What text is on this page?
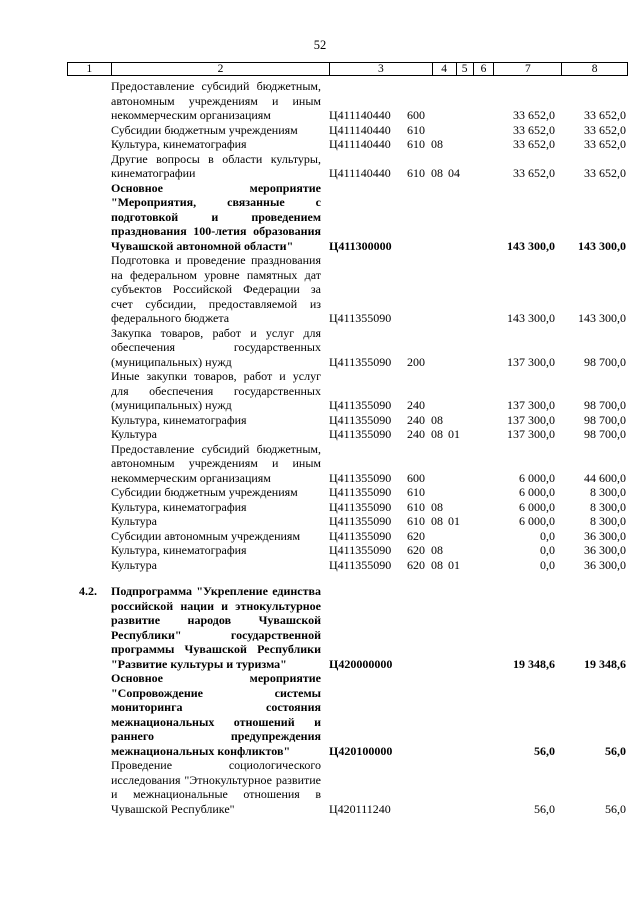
52
1	2	3	4	5	6	7	8
Предоставление субсидий бюджетным, автономным учреждениям и иным некоммерческим организациям	Ц411140440	600	33 652,0	33 652,0
Субсидии бюджетным учреждениям	Ц411140440	610	33 652,0	33 652,0
Культура, кинематография	Ц411140440	610 08	33 652,0	33 652,0
Другие вопросы в области культуры, кинематографии	Ц411140440	610 08 04	33 652,0	33 652,0
Основное мероприятие "Мероприятия, связанные с подготовкой и проведением празднования 100-летия образования Чувашской автономной области"	Ц411300000	143 300,0	143 300,0
Подготовка и проведение празднования на федеральном уровне памятных дат субъектов Российской Федерации за счет субсидии, предоставляемой из федерального бюджета	Ц411355090	143 300,0	143 300,0
Закупка товаров, работ и услуг для обеспечения государственных (муниципальных) нужд	Ц411355090	200	137 300,0	98 700,0
Иные закупки товаров, работ и услуг для обеспечения государственных (муниципальных) нужд	Ц411355090	240	137 300,0	98 700,0
Культура, кинематография	Ц411355090	240 08	137 300,0	98 700,0
Культура	Ц411355090	240 08 01	137 300,0	98 700,0
Предоставление субсидий бюджетным, автономным учреждениям и иным некоммерческим организациям	Ц411355090	600	6 000,0	44 600,0
Субсидии бюджетным учреждениям	Ц411355090	610	6 000,0	8 300,0
Культура, кинематография	Ц411355090	610 08	6 000,0	8 300,0
Культура	Ц411355090	610 08 01	6 000,0	8 300,0
Субсидии автономным учреждениям	Ц411355090	620	0,0	36 300,0
Культура, кинематография	Ц411355090	620 08	0,0	36 300,0
Культура	Ц411355090	620 08 01	0,0	36 300,0
4.2.	Подпрограмма "Укрепление единства российской нации и этнокультурное развитие народов Чувашской Республики" государственной программы Чувашской Республики "Развитие культуры и туризма"	Ц420000000	19 348,6	19 348,6
Основное мероприятие "Сопровождение системы мониторинга состояния межнациональных отношений и раннего предупреждения межнациональных конфликтов"	Ц420100000	56,0	56,0
Проведение социологического исследования "Этнокультурное развитие и межнациональные отношения в Чувашской Республике"	Ц420111240	56,0	56,0
